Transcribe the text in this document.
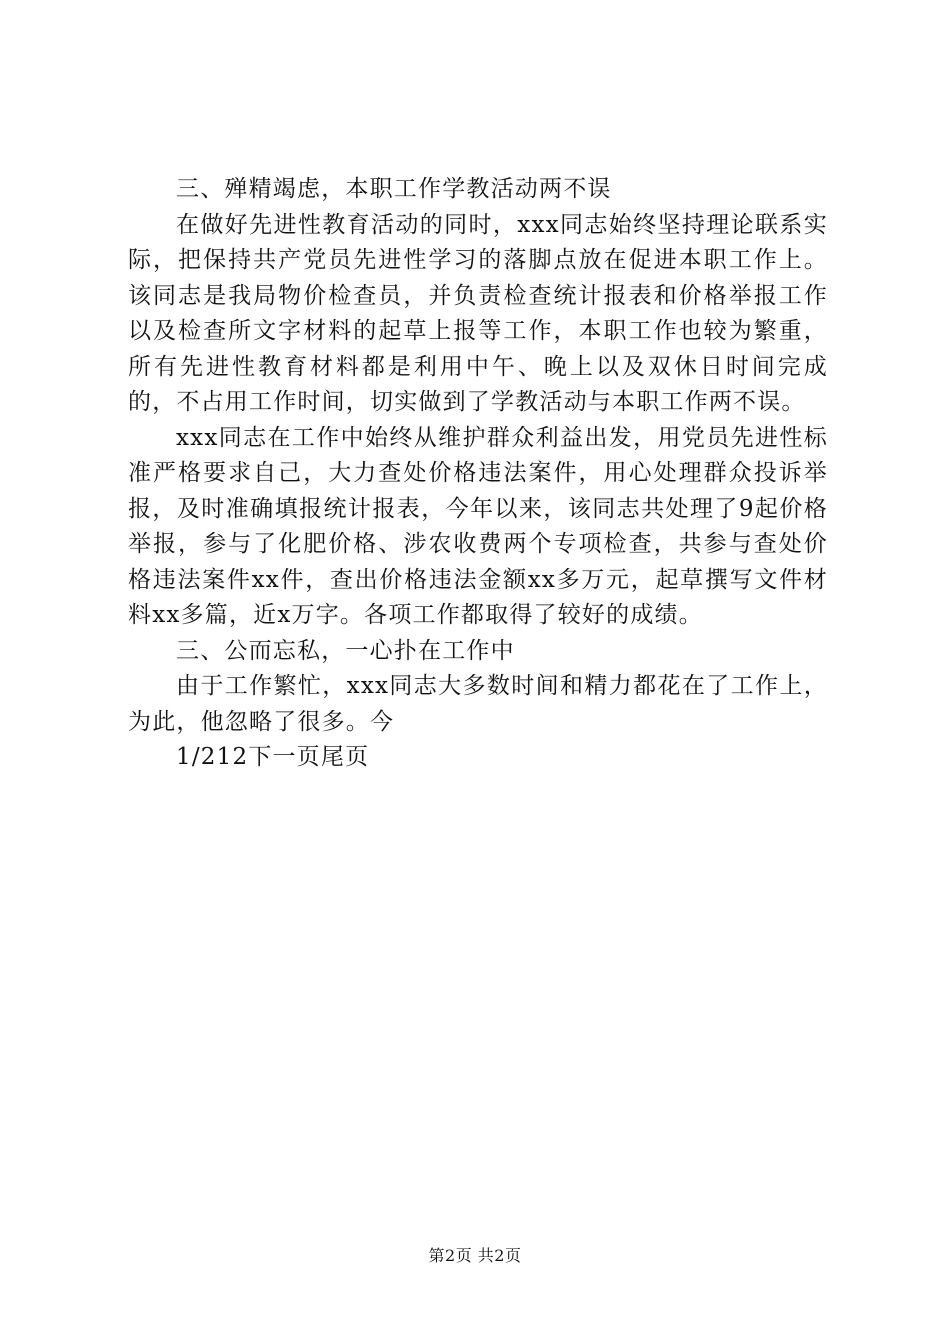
三、殚精竭虑，本职工作学教活动两不误

在做好先进性教育活动的同时，xxx同志始终坚持理论联系实际，把保持共产党员先进性学习的落脚点放在促进本职工作上。该同志是我局物价检查员，并负责检查统计报表和价格举报工作以及检查所文字材料的起草上报等工作，本职工作也较为繁重，所有先进性教育材料都是利用中午、晚上以及双休日时间完成的，不占用工作时间，切实做到了学教活动与本职工作两不误。

xxx同志在工作中始终从维护群众利益出发，用党员先进性标准严格要求自己，大力查处价格违法案件，用心处理群众投诉举报，及时准确填报统计报表，今年以来，该同志共处理了9起价格举报，参与了化肥价格、涉农收费两个专项检查，共参与查处价格违法案件xx件，查出价格违法金额xx多万元，起草撰写文件材料xx多篇，近x万字。各项工作都取得了较好的成绩。

三、公而忘私，一心扑在工作中

由于工作繁忙，xxx同志大多数时间和精力都花在了工作上，为此，他忽略了很多。今

1/212下一页尾页

第2页 共2页
